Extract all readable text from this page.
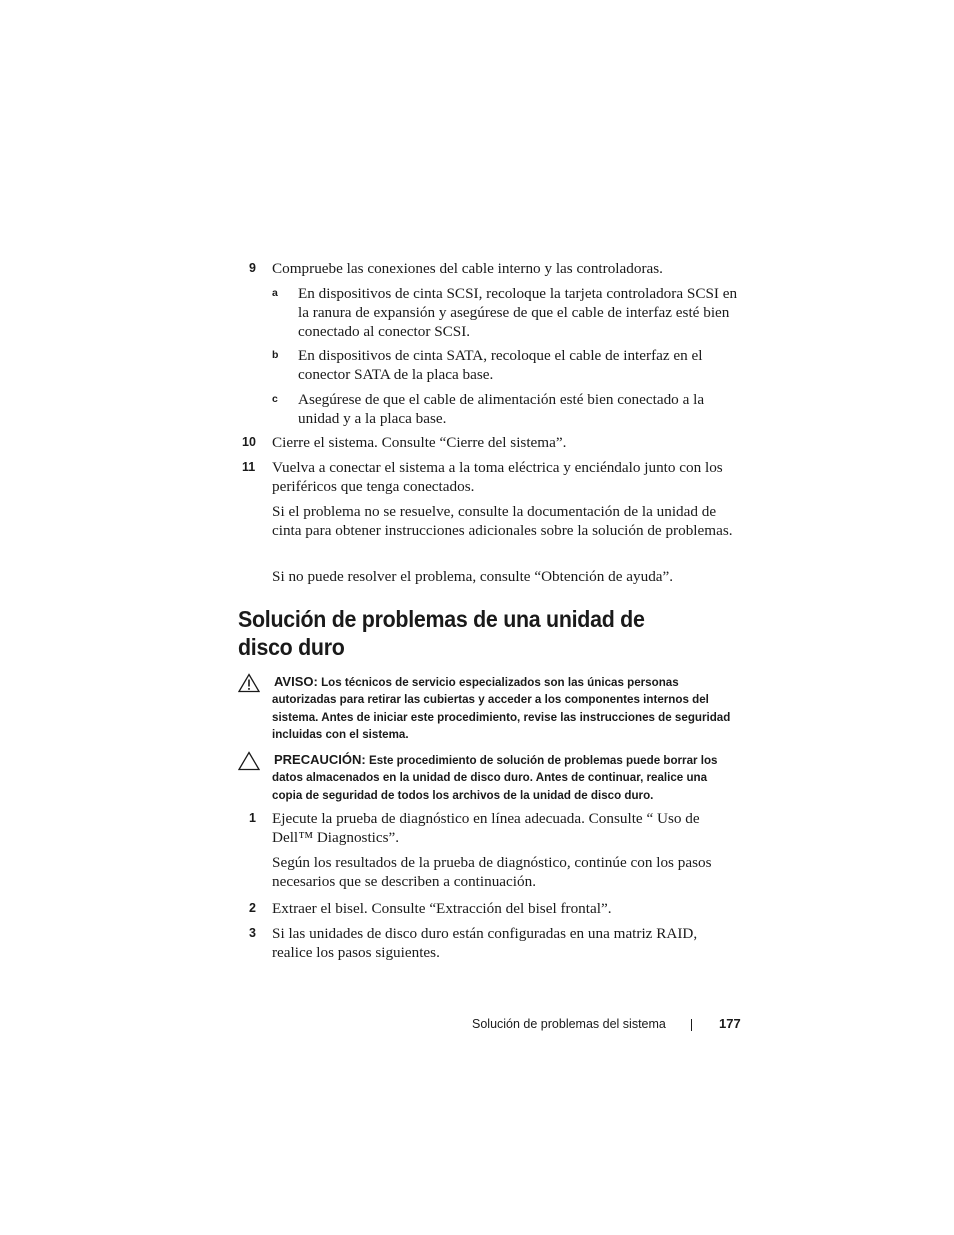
9 Compruebe las conexiones del cable interno y las controladoras.

a En dispositivos de cinta SCSI, recoloque la tarjeta controladora SCSI en la ranura de expansión y asegúrese de que el cable de interfaz esté bien conectado al conector SCSI.

b En dispositivos de cinta SATA, recoloque el cable de interfaz en el conector SATA de la placa base.

c Asegúrese de que el cable de alimentación esté bien conectado a la unidad y a la placa base.

10 Cierre el sistema. Consulte “Cierre del sistema”.

11 Vuelva a conectar el sistema a la toma eléctrica y enciéndalo junto con los periféricos que tenga conectados.

Si el problema no se resuelve, consulte la documentación de la unidad de cinta para obtener instrucciones adicionales sobre la solución de problemas.

Si no puede resolver el problema, consulte “Obtención de ayuda”.

Solución de problemas de una unidad de disco duro

AVISO: Los técnicos de servicio especializados son las únicas personas autorizadas para retirar las cubiertas y acceder a los componentes internos del sistema. Antes de iniciar este procedimiento, revise las instrucciones de seguridad incluidas con el sistema.

PRECAUCIÓN: Este procedimiento de solución de problemas puede borrar los datos almacenados en la unidad de disco duro. Antes de continuar, realice una copia de seguridad de todos los archivos de la unidad de disco duro.

1 Ejecute la prueba de diagnóstico en línea adecuada. Consulte “ Uso de Dell™ Diagnostics”.

Según los resultados de la prueba de diagnóstico, continúe con los pasos necesarios que se describen a continuación.

2 Extraer el bisel. Consulte “Extracción del bisel frontal”.

3 Si las unidades de disco duro están configuradas en una matriz RAID, realice los pasos siguientes.

Solución de problemas del sistema	177
